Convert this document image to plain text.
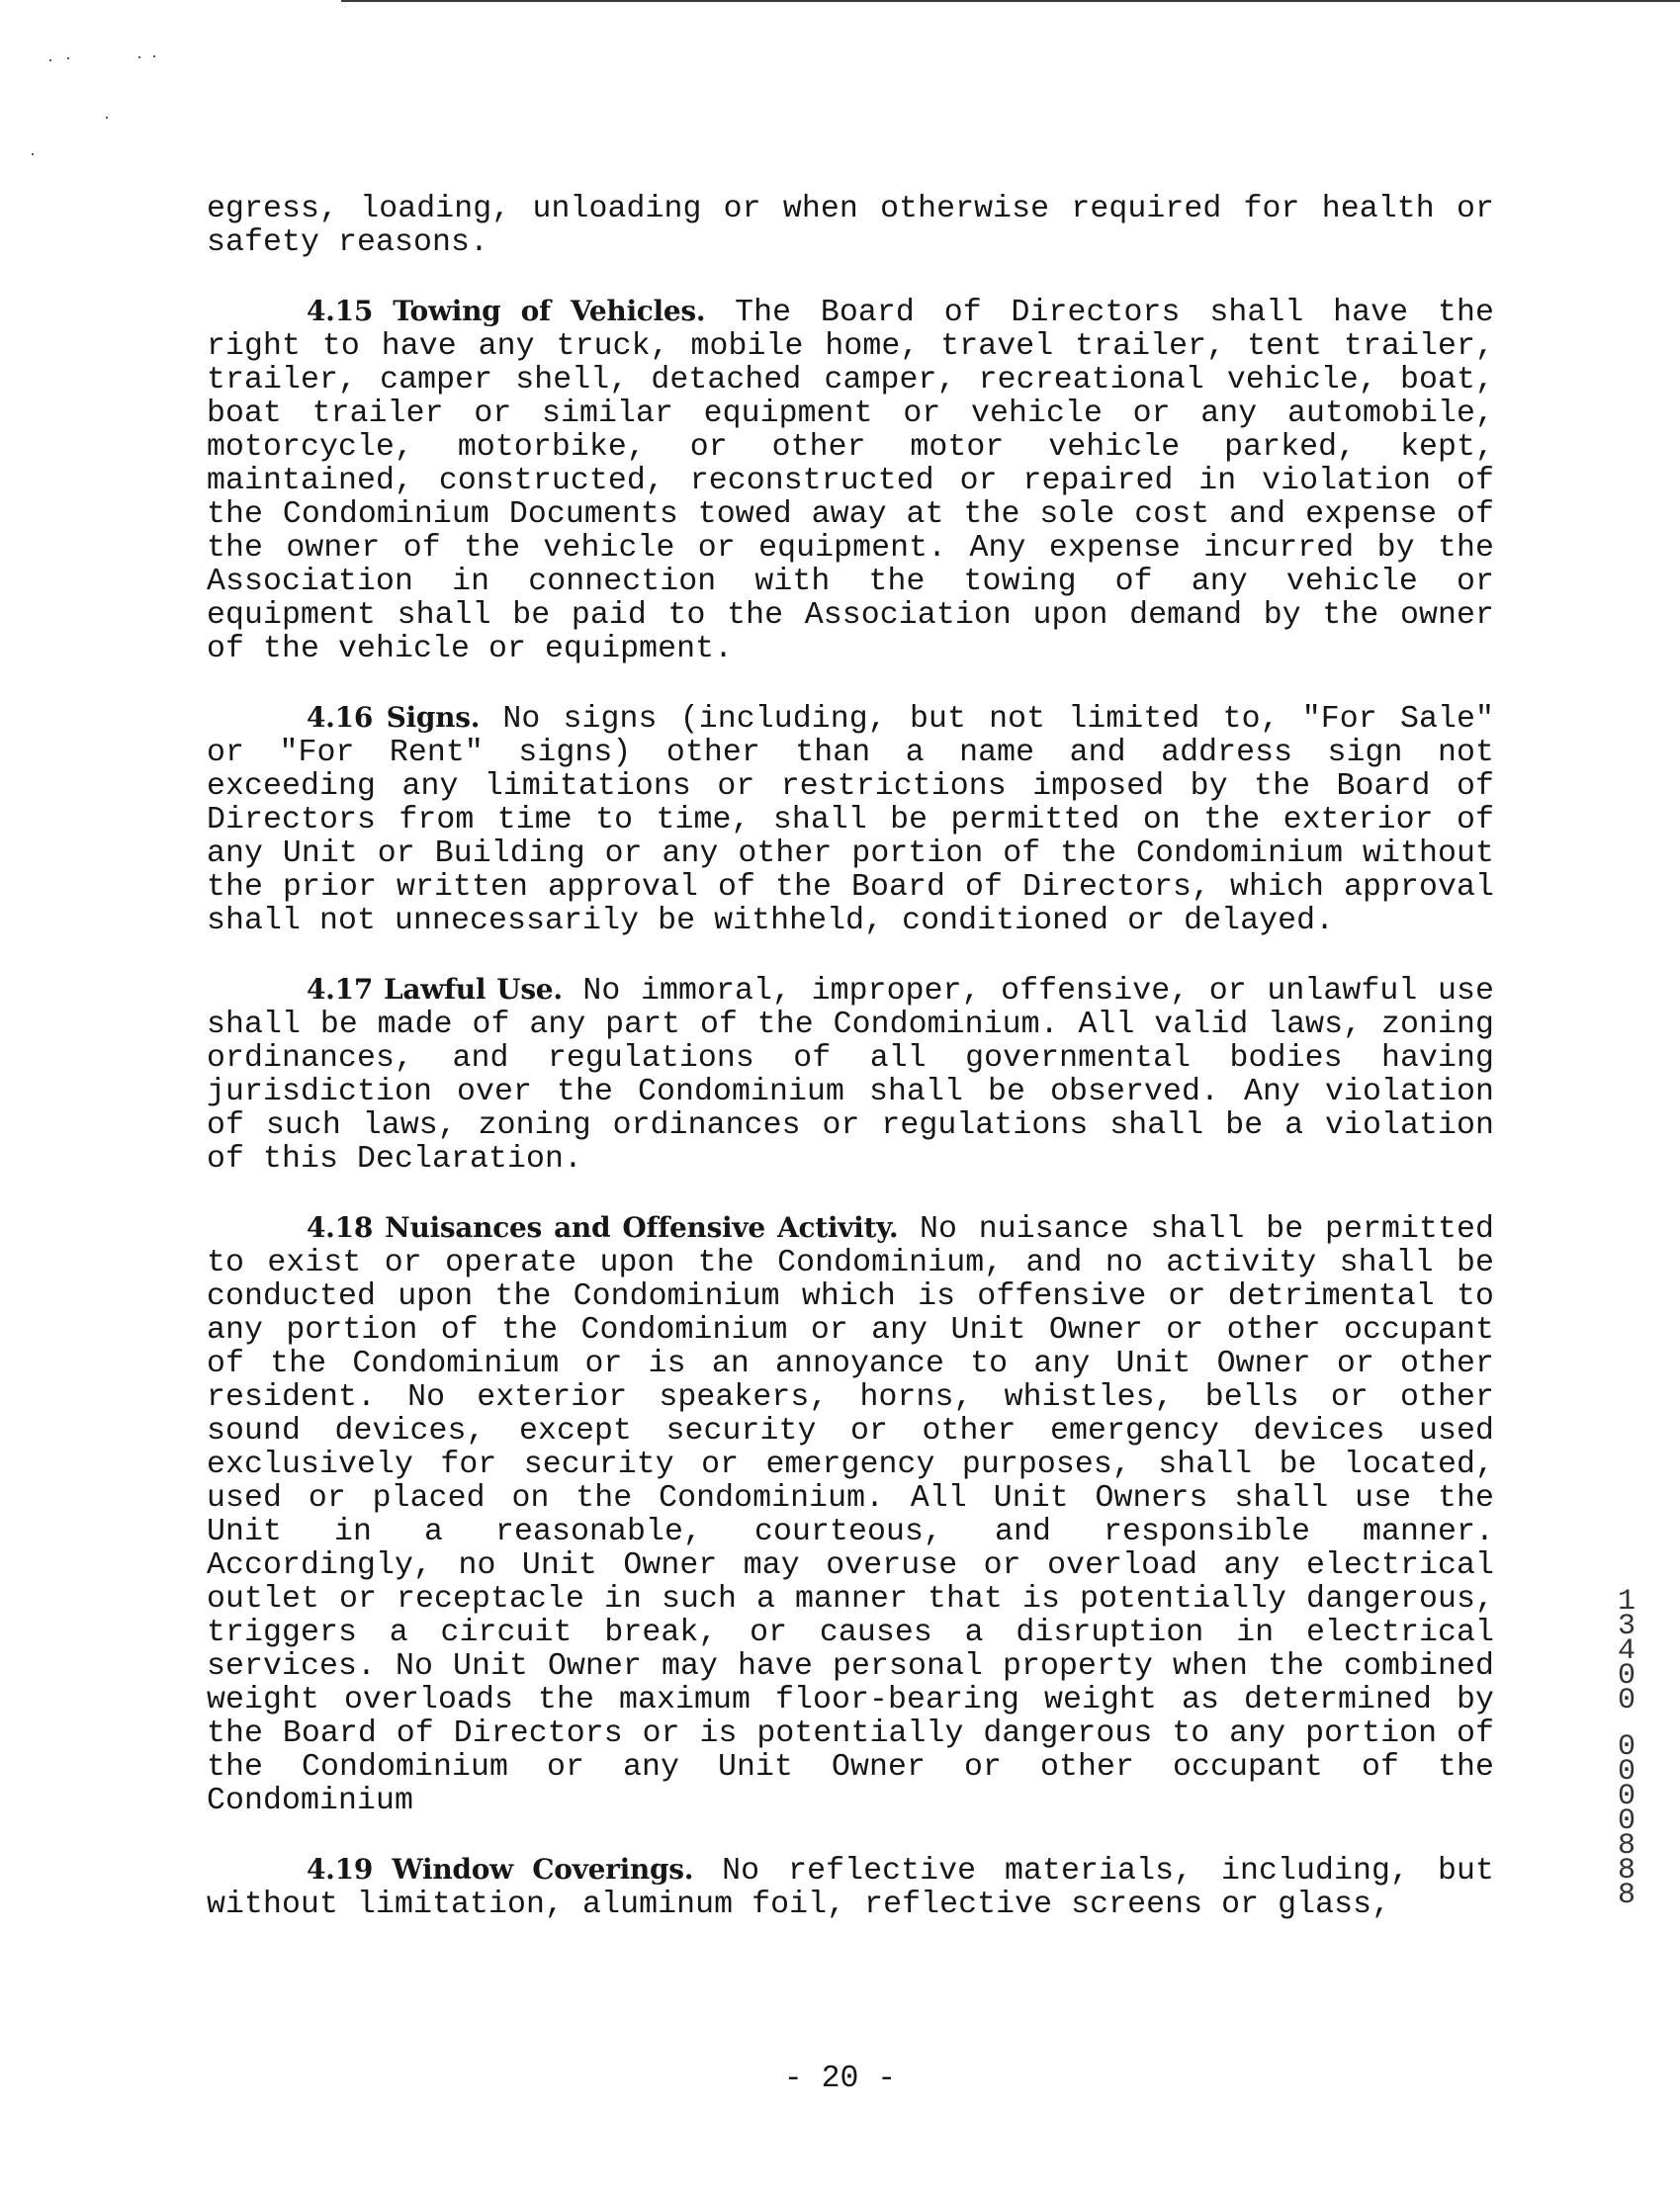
egress, loading, unloading or when otherwise required for health or safety reasons.

4.15 Towing of Vehicles. The Board of Directors shall have the right to have any truck, mobile home, travel trailer, tent trailer, trailer, camper shell, detached camper, recreational vehicle, boat, boat trailer or similar equipment or vehicle or any automobile, motorcycle, motorbike, or other motor vehicle parked, kept, maintained, constructed, reconstructed or repaired in violation of the Condominium Documents towed away at the sole cost and expense of the owner of the vehicle or equipment. Any expense incurred by the Association in connection with the towing of any vehicle or equipment shall be paid to the Association upon demand by the owner of the vehicle or equipment.

4.16 Signs. No signs (including, but not limited to, "For Sale" or "For Rent" signs) other than a name and address sign not exceeding any limitations or restrictions imposed by the Board of Directors from time to time, shall be permitted on the exterior of any Unit or Building or any other portion of the Condominium without the prior written approval of the Board of Directors, which approval shall not unnecessarily be withheld, conditioned or delayed.

4.17 Lawful Use. No immoral, improper, offensive, or unlawful use shall be made of any part of the Condominium. All valid laws, zoning ordinances, and regulations of all governmental bodies having jurisdiction over the Condominium shall be observed. Any violation of such laws, zoning ordinances or regulations shall be a violation of this Declaration.

4.18 Nuisances and Offensive Activity. No nuisance shall be permitted to exist or operate upon the Condominium, and no activity shall be conducted upon the Condominium which is offensive or detrimental to any portion of the Condominium or any Unit Owner or other occupant of the Condominium or is an annoyance to any Unit Owner or other resident. No exterior speakers, horns, whistles, bells or other sound devices, except security or other emergency devices used exclusively for security or emergency purposes, shall be located, used or placed on the Condominium. All Unit Owners shall use the Unit in a reasonable, courteous, and responsible manner. Accordingly, no Unit Owner may overuse or overload any electrical outlet or receptacle in such a manner that is potentially dangerous, triggers a circuit break, or causes a disruption in electrical services. No Unit Owner may have personal property when the combined weight overloads the maximum floor-bearing weight as determined by the Board of Directors or is potentially dangerous to any portion of the Condominium or any Unit Owner or other occupant of the Condominium

4.19 Window Coverings. No reflective materials, including, but without limitation, aluminum foil, reflective screens or glass,

1
3
4
0
0
0
0
0
0
8
8
8
- 20 -
